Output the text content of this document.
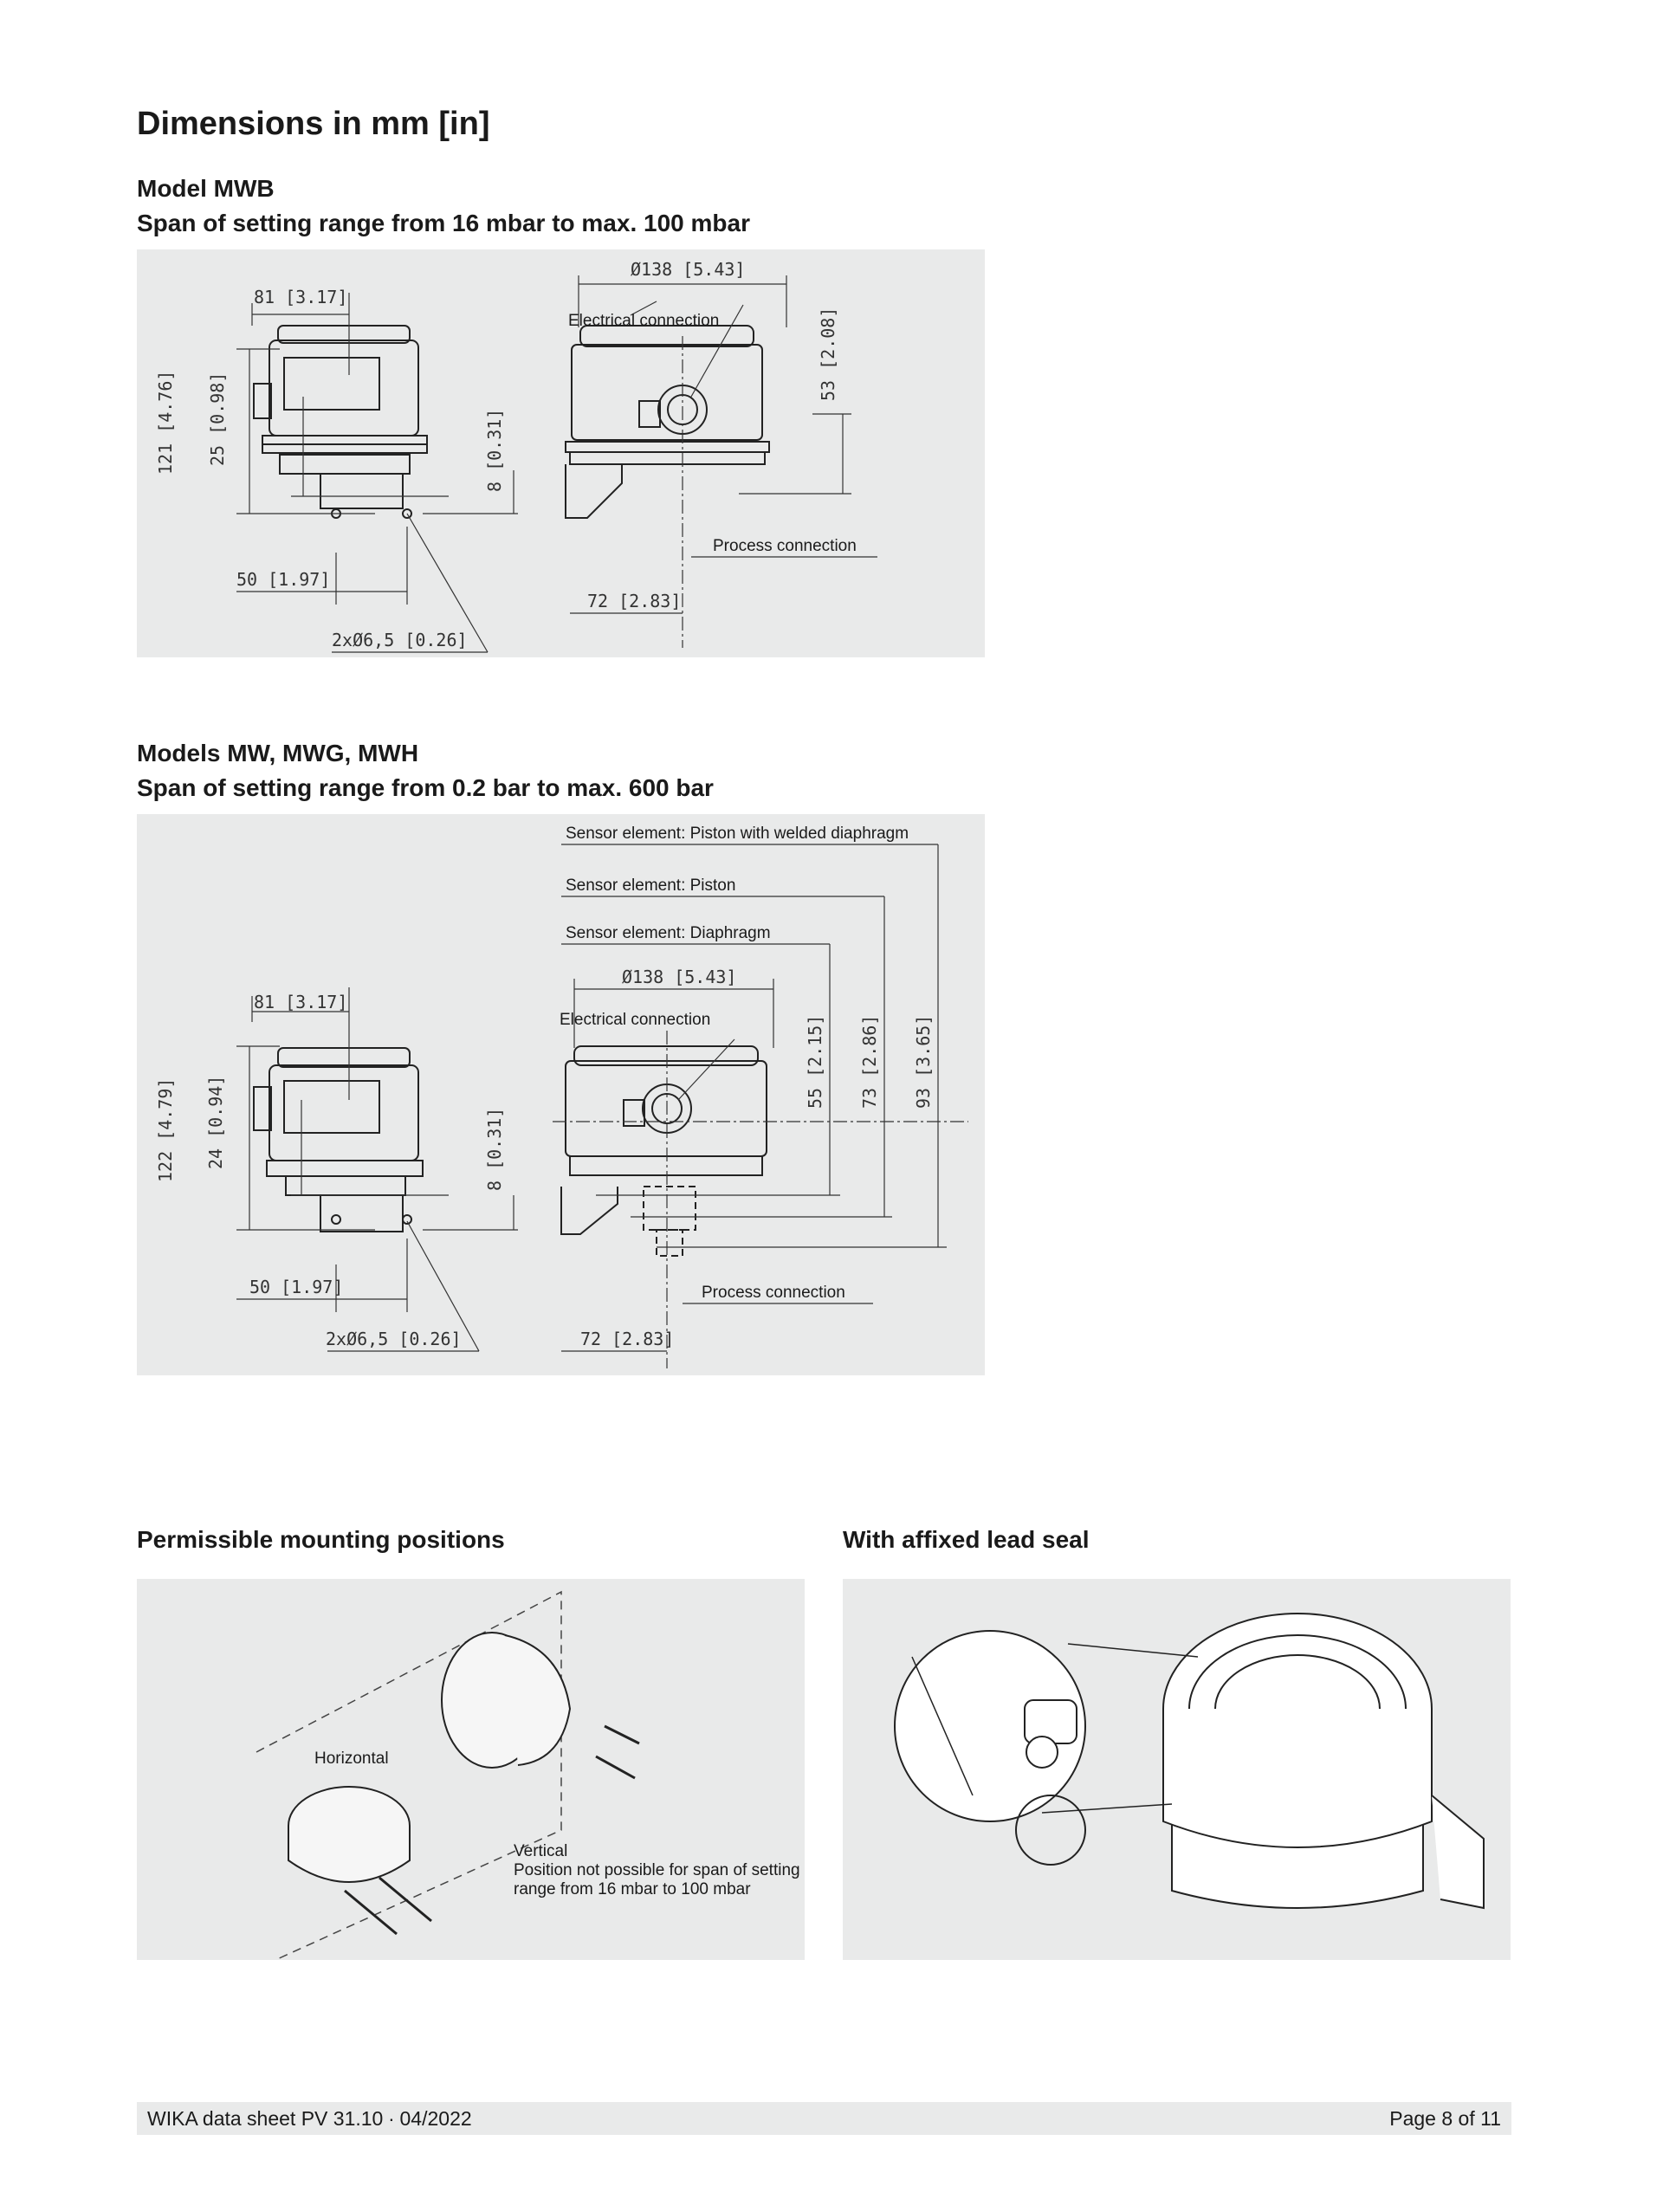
Dimensions in mm [in]

Model MWB

Span of setting range from 16 mbar to max. 100 mbar

81 [3.17]
121 [4.76] 25 [0.98]	8 [0.31]
50 [1.97]
2xØ6,5 [0.26]
Ø138 [5.43]
53 [2.08]
72 [2.83]
Electrical connection
Process connection

Models MW, MWG, MWH

Span of setting range from 0.2 bar to max. 600 bar

81 [3.17]
122 [4.79] 24 [0.94]	8 [0.31]
50 [1.97]
2xØ6,5 [0.26]
Ø138 [5.43]
55 [2.15] 73 [2.86] 93 [3.65]
72 [2.83]
Sensor element: Piston with welded diaphragm
Sensor element: Piston
Sensor element: Diaphragm
Electrical connection
Process connection

Permissible mounting positions

Horizontal
Vertical
Position not possible for span of setting
range from 16 mbar to 100 mbar

With affixed lead seal

WIKA data sheet PV 31.10 ∙ 04/2022	Page 8 of 11
